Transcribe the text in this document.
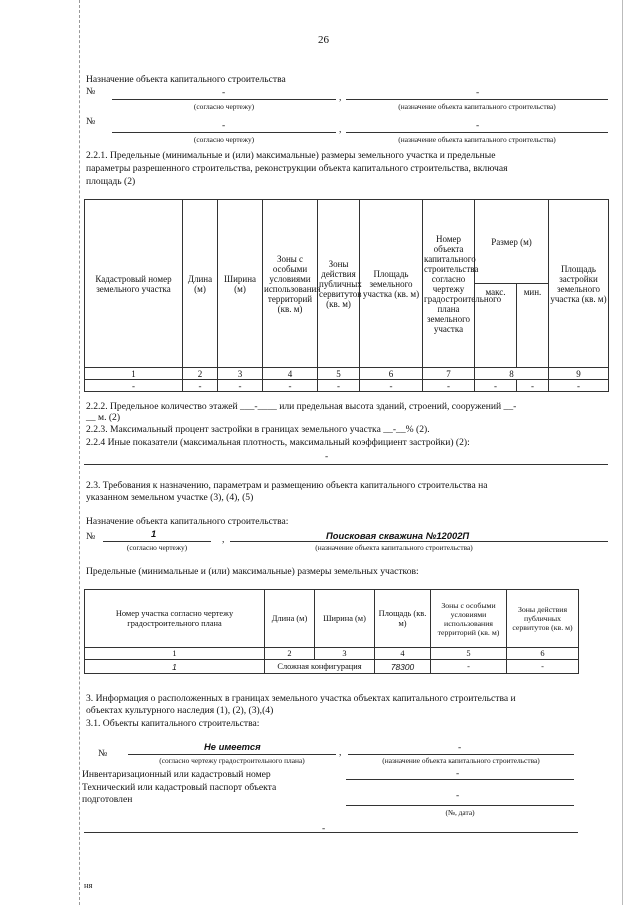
26
Назначение объекта капитального строительства
№	-	,	-
(согласно чертежу)	(назначение объекта капитального строительства)
№	-	,	-
(согласно чертежу)	(назначение объекта капитального строительства)
2.2.1. Предельные (минимальные и (или) максимальные) размеры земельного участка и предельные
параметры разрешенного строительства, реконструкции объекта капитального строительства, включая
площадь (2)
Кадастровый номер земельного участка	Длина (м)	Ширина (м)	Зоны с особыми условиями использования территорий (кв. м)	Зоны действия публичных сервитутов (кв. м)	Площадь земельного участка (кв. м)	Номер объекта капитального строительства согласно чертежу градостроительного плана земельного участка	Размер (м)		Площадь застройки земельного участка (кв. м)
							макс.	мин.	
1	2	3	4	5	6	7	8		9
-	-	-	-	-	-	-	-	-	-
2.2.2. Предельное количество этажей ___-____ или предельная высота зданий, строений, сооружений __-
__ м. (2)
2.2.3. Максимальный процент застройки в границах земельного участка __-__% (2).
2.2.4 Иные показатели (максимальная плотность, максимальный коэффициент застройки) (2):
-
2.3. Требования к назначению, параметрам и размещению объекта капитального строительства на
указанном земельном участке (3), (4), (5)
Назначение объекта капитального строительства:
№	1
,	Поисковая скважина №12002П
(согласно чертежу)	(назначение объекта капитального строительства)
Предельные (минимальные и (или) максимальные) размеры земельных участков:
Номер участка согласно чертежу градостроительного плана	Длина (м)	Ширина (м)	Площадь (кв. м)	Зоны с особыми условиями использования территорий (кв. м)	Зоны действия публичных сервитутов (кв. м)
1	2	3	4	5	6
1	Сложная конфигурация		78300	-	-
3. Информация о расположенных в границах земельного участка объектах капитального строительства и
объектах культурного наследия (1), (2), (3),(4)
3.1. Объекты капитального строительства:
№
Не имеется
,	-
(согласно чертежу градостроительного плана)	(назначение объекта капитального строительства)
Инвентаризационный или кадастровый номер	-
Технический или кадастровый паспорт объекта
подготовлен	-
(№, дата)
-
ня
